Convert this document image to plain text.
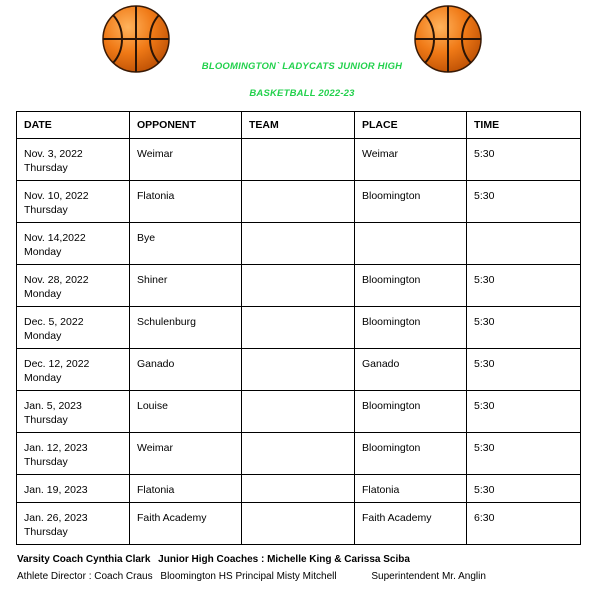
BLOOMINGTON` LADYCATS JUNIOR HIGH
BASKETBALL 2022-23
DATE	OPPONENT	TEAM	PLACE	TIME

Nov. 3, 2022
Thursday	Weimar		Weimar	5:30

Nov. 10, 2022
Thursday	Flatonia		Bloomington	5:30

Nov. 14,2022
Monday	Bye			

Nov. 28, 2022
Monday	Shiner		Bloomington	5:30

Dec. 5, 2022
Monday	Schulenburg		Bloomington	5:30

Dec. 12, 2022
Monday	Ganado		Ganado	5:30

Jan. 5, 2023
Thursday	Louise		Bloomington	5:30

Jan. 12, 2023
Thursday	Weimar		Bloomington	5:30

Jan. 19, 2023	Flatonia		Flatonia	5:30

Jan. 26, 2023
Thursday	Faith Academy		Faith Academy	6:30
Varsity Coach Cynthia Clark Junior High Coaches : Michelle King & Carissa Sciba
Athlete Director : Coach Craus Bloomington HS Principal Misty Mitchell	Superintendent Mr. Anglin
